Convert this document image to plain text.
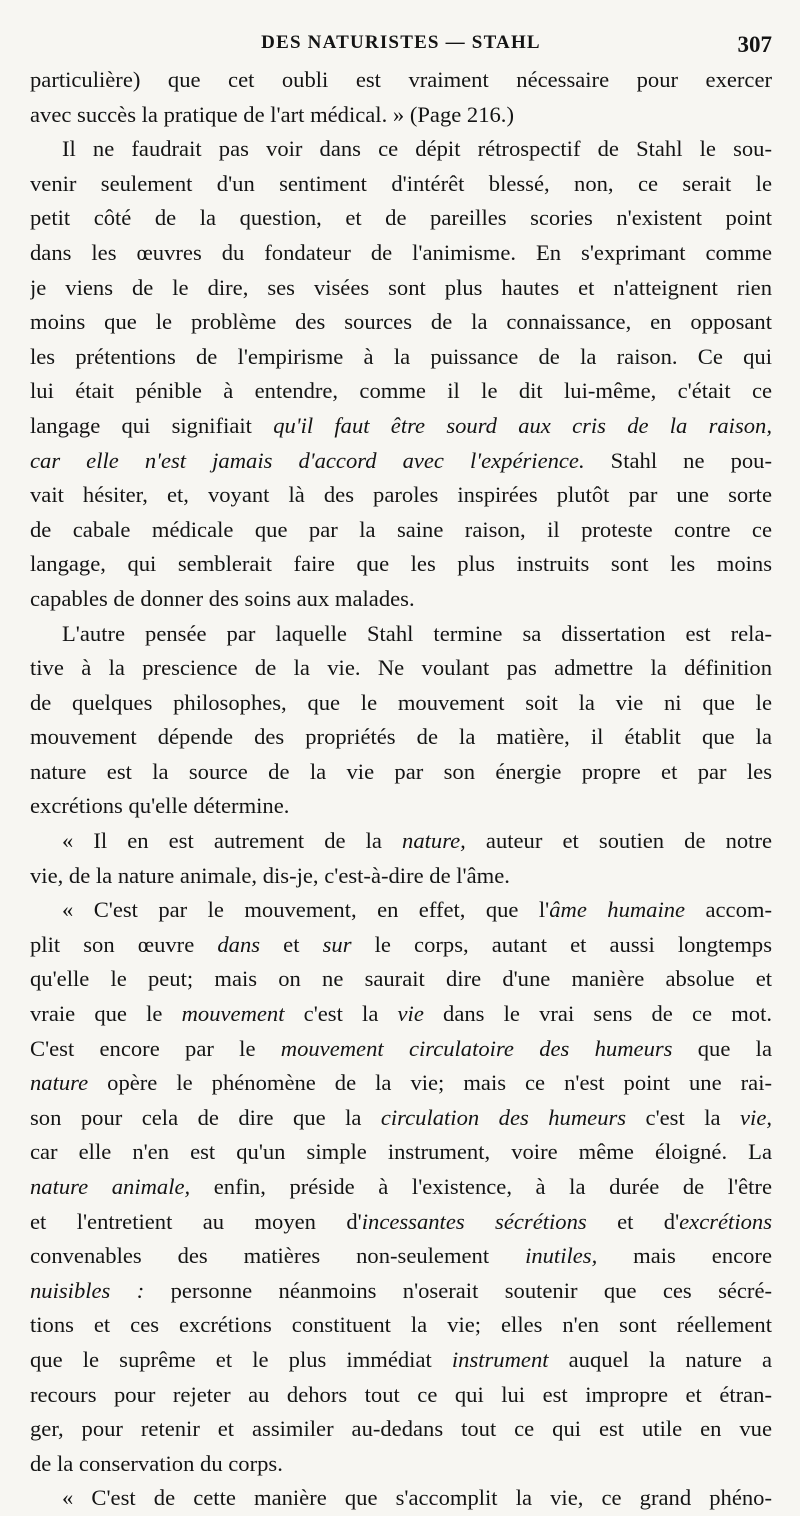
DES NATURISTES — STAHL	307
particulière) que cet oubli est vraiment nécessaire pour exercer
avec succès la pratique de l'art médical. » (Page 216.)
Il ne faudrait pas voir dans ce dépit rétrospectif de Stahl le sou-
venir seulement d'un sentiment d'intérêt blessé, non, ce serait le
petit côté de la question, et de pareilles scories n'existent point
dans les œuvres du fondateur de l'animisme. En s'exprimant comme
je viens de le dire, ses visées sont plus hautes et n'atteignent rien
moins que le problème des sources de la connaissance, en opposant
les prétentions de l'empirisme à la puissance de la raison. Ce qui
lui était pénible à entendre, comme il le dit lui-même, c'était ce
langage qui signifiait qu'il faut être sourd aux cris de la raison,
car elle n'est jamais d'accord avec l'expérience. Stahl ne pou-
vait hésiter, et, voyant là des paroles inspirées plutôt par une sorte
de cabale médicale que par la saine raison, il proteste contre ce
langage, qui semblerait faire que les plus instruits sont les moins
capables de donner des soins aux malades.
L'autre pensée par laquelle Stahl termine sa dissertation est rela-
tive à la prescience de la vie. Ne voulant pas admettre la définition
de quelques philosophes, que le mouvement soit la vie ni que le
mouvement dépende des propriétés de la matière, il établit que la
nature est la source de la vie par son énergie propre et par les
excrétions qu'elle détermine.
« Il en est autrement de la nature, auteur et soutien de notre
vie, de la nature animale, dis-je, c'est-à-dire de l'âme.
« C'est par le mouvement, en effet, que l'âme humaine accom-
plit son œuvre dans et sur le corps, autant et aussi longtemps
qu'elle le peut; mais on ne saurait dire d'une manière absolue et
vraie que le mouvement c'est la vie dans le vrai sens de ce mot.
C'est encore par le mouvement circulatoire des humeurs que la
nature opère le phénomène de la vie; mais ce n'est point une rai-
son pour cela de dire que la circulation des humeurs c'est la vie,
car elle n'en est qu'un simple instrument, voire même éloigné. La
nature animale, enfin, préside à l'existence, à la durée de l'être
et l'entretient au moyen d'incessantes sécrétions et d'excrétions
convenables des matières non-seulement inutiles, mais encore
nuisibles : personne néanmoins n'oserait soutenir que ces sécré-
tions et ces excrétions constituent la vie; elles n'en sont réellement
que le suprême et le plus immédiat instrument auquel la nature a
recours pour rejeter au dehors tout ce qui lui est impropre et étran-
ger, pour retenir et assimiler au-dedans tout ce qui est utile en vue
de la conservation du corps.
« C'est de cette manière que s'accomplit la vie, ce grand phéno-
